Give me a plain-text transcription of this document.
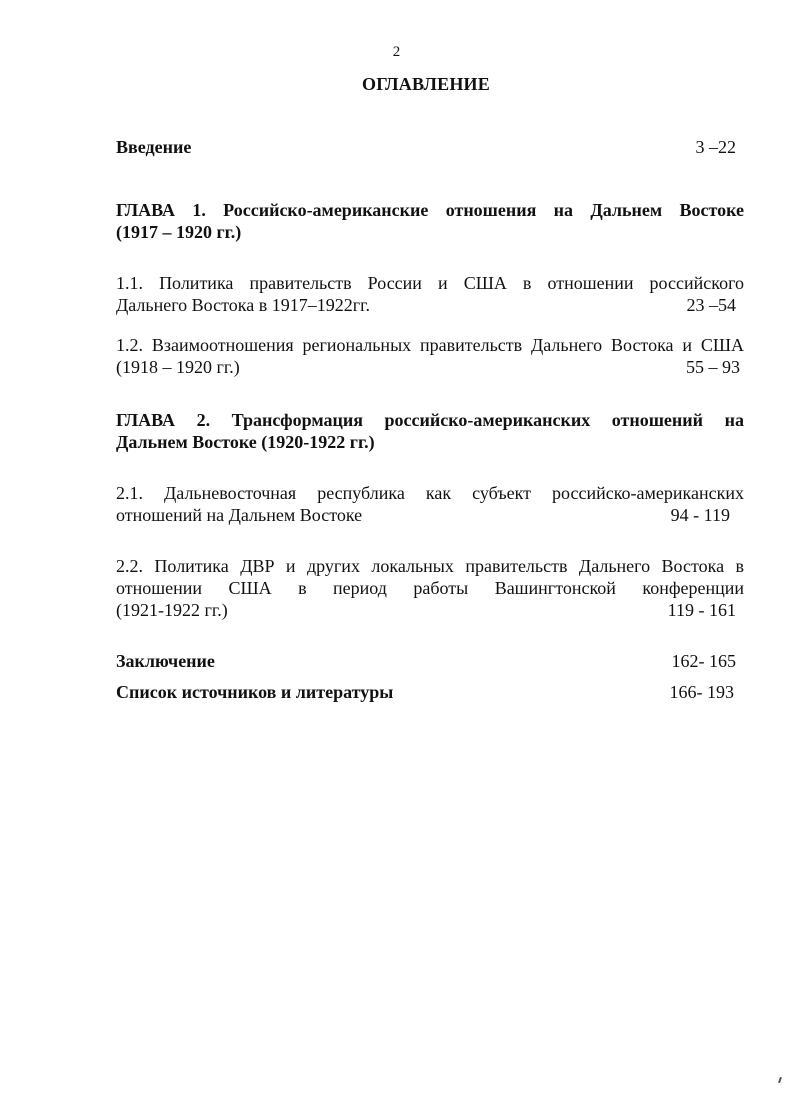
2
ОГЛАВЛЕНИЕ
Введение	3 –22
ГЛАВА 1. Российско-американские отношения на Дальнем Востоке
(1917 – 1920 гг.)
1.1. Политика правительств России и США в отношении российского
Дальнего Востока в 1917–1922гг.	23 –54
1.2. Взаимоотношения региональных правительств Дальнего Востока и США
(1918 – 1920 гг.)	55 – 93
ГЛАВА 2. Трансформация российско-американских отношений на
Дальнем Востоке (1920-1922 гг.)
2.1. Дальневосточная республика как субъект российско-американских
отношений на Дальнем Востоке	94 - 119
2.2. Политика ДВР и других локальных правительств Дальнего Востока в
отношении США в период работы Вашингтонской конференции
(1921-1922 гг.)	119 - 161
Заключение	162- 165
Список источников и литературы	166- 193
